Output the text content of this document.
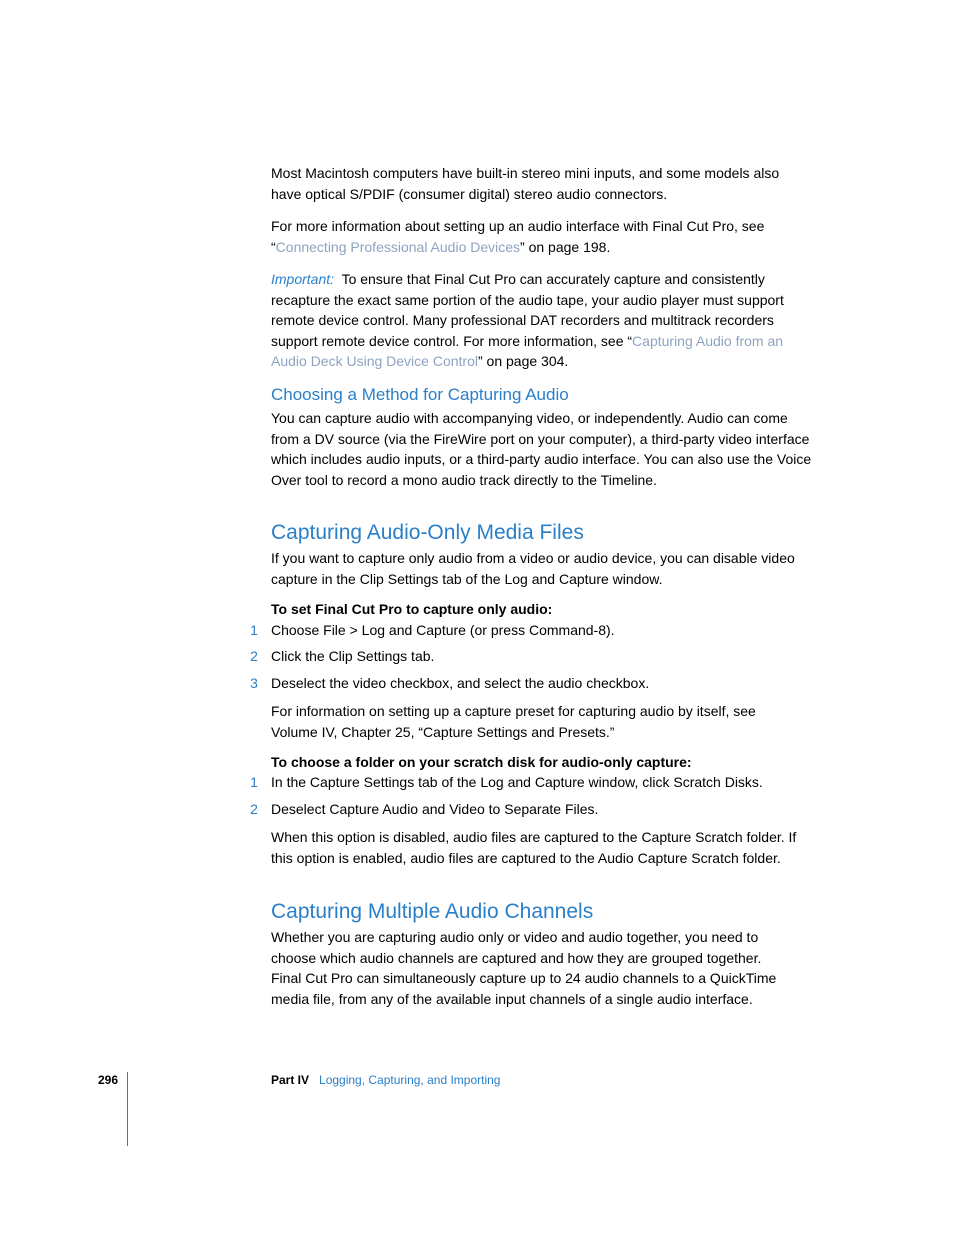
Most Macintosh computers have built-in stereo mini inputs, and some models also
have optical S/PDIF (consumer digital) stereo audio connectors.
For more information about setting up an audio interface with Final Cut Pro, see
“Connecting Professional Audio Devices” on page 198.
Important: To ensure that Final Cut Pro can accurately capture and consistently
recapture the exact same portion of the audio tape, your audio player must support
remote device control. Many professional DAT recorders and multitrack recorders
support remote device control. For more information, see “Capturing Audio from an
Audio Deck Using Device Control” on page 304.
Choosing a Method for Capturing Audio
You can capture audio with accompanying video, or independently. Audio can come
from a DV source (via the FireWire port on your computer), a third-party video interface
which includes audio inputs, or a third-party audio interface. You can also use the Voice
Over tool to record a mono audio track directly to the Timeline.
Capturing Audio-Only Media Files
If you want to capture only audio from a video or audio device, you can disable video
capture in the Clip Settings tab of the Log and Capture window.
To set Final Cut Pro to capture only audio:
1 Choose File > Log and Capture (or press Command-8).
2 Click the Clip Settings tab.
3 Deselect the video checkbox, and select the audio checkbox.
For information on setting up a capture preset for capturing audio by itself, see
Volume IV, Chapter 25, “Capture Settings and Presets.”
To choose a folder on your scratch disk for audio-only capture:
1 In the Capture Settings tab of the Log and Capture window, click Scratch Disks.
2 Deselect Capture Audio and Video to Separate Files.
When this option is disabled, audio files are captured to the Capture Scratch folder. If
this option is enabled, audio files are captured to the Audio Capture Scratch folder.
Capturing Multiple Audio Channels
Whether you are capturing audio only or video and audio together, you need to
choose which audio channels are captured and how they are grouped together.
Final Cut Pro can simultaneously capture up to 24 audio channels to a QuickTime
media file, from any of the available input channels of a single audio interface.
296	Part IV Logging, Capturing, and Importing
